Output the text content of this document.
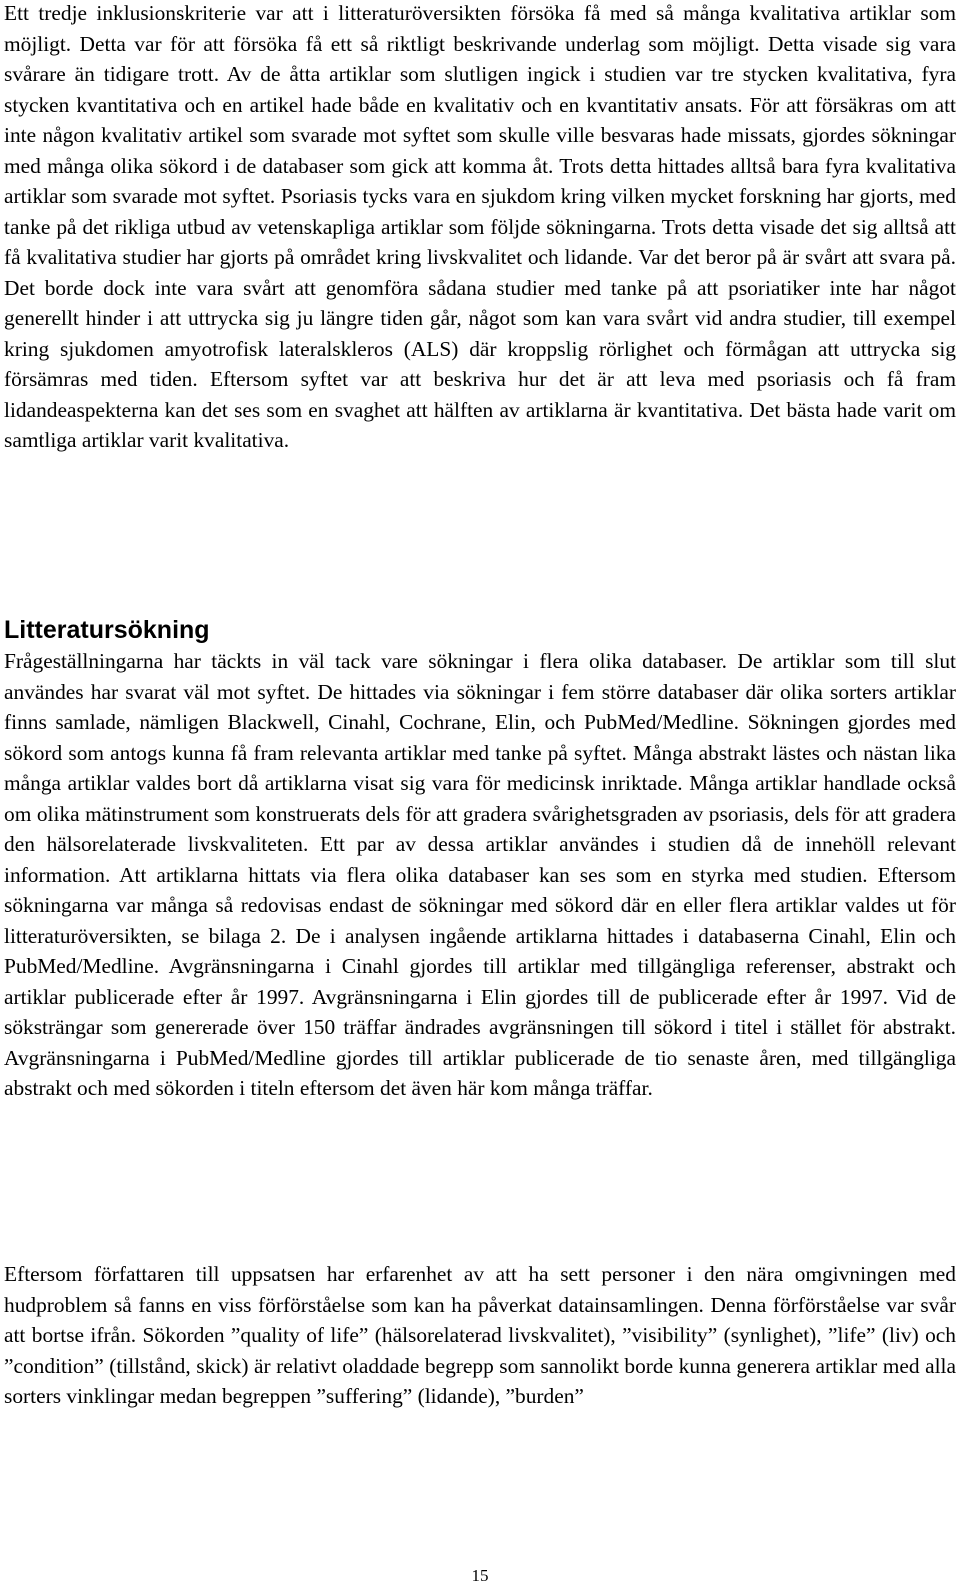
Ett tredje inklusionskriterie var att i litteraturöversikten försöka få med så många kvalitativa artiklar som möjligt. Detta var för att försöka få ett så riktligt beskrivande underlag som möjligt. Detta visade sig vara svårare än tidigare trott. Av de åtta artiklar som slutligen ingick i studien var tre stycken kvalitativa, fyra stycken kvantitativa och en artikel hade både en kvalitativ och en kvantitativ ansats. För att försäkras om att inte någon kvalitativ artikel som svarade mot syftet som skulle ville besvaras hade missats, gjordes sökningar med många olika sökord i de databaser som gick att komma åt. Trots detta hittades alltså bara fyra kvalitativa artiklar som svarade mot syftet. Psoriasis tycks vara en sjukdom kring vilken mycket forskning har gjorts, med tanke på det rikliga utbud av vetenskapliga artiklar som följde sökningarna. Trots detta visade det sig alltså att få kvalitativa studier har gjorts på området kring livskvalitet och lidande. Var det beror på är svårt att svara på. Det borde dock inte vara svårt att genomföra sådana studier med tanke på att psoriatiker inte har något generellt hinder i att uttrycka sig ju längre tiden går, något som kan vara svårt vid andra studier, till exempel kring sjukdomen amyotrofisk lateralskleros (ALS) där kroppslig rörlighet och förmågan att uttrycka sig försämras med tiden. Eftersom syftet var att beskriva hur det är att leva med psoriasis och få fram lidandeaspekterna kan det ses som en svaghet att hälften av artiklarna är kvantitativa. Det bästa hade varit om samtliga artiklar varit kvalitativa.

Litteratursökning

Frågeställningarna har täckts in väl tack vare sökningar i flera olika databaser. De artiklar som till slut användes har svarat väl mot syftet. De hittades via sökningar i fem större databaser där olika sorters artiklar finns samlade, nämligen Blackwell, Cinahl, Cochrane, Elin, och PubMed/Medline. Sökningen gjordes med sökord som antogs kunna få fram relevanta artiklar med tanke på syftet. Många abstrakt lästes och nästan lika många artiklar valdes bort då artiklarna visat sig vara för medicinsk inriktade. Många artiklar handlade också om olika mätinstrument som konstruerats dels för att gradera svårighetsgraden av psoriasis, dels för att gradera den hälsorelaterade livskvaliteten. Ett par av dessa artiklar användes i studien då de innehöll relevant information. Att artiklarna hittats via flera olika databaser kan ses som en styrka med studien. Eftersom sökningarna var många så redovisas endast de sökningar med sökord där en eller flera artiklar valdes ut för litteraturöversikten, se bilaga 2. De i analysen ingående artiklarna hittades i databaserna Cinahl, Elin och PubMed/Medline. Avgränsningarna i Cinahl gjordes till artiklar med tillgängliga referenser, abstrakt och artiklar publicerade efter år 1997. Avgränsningarna i Elin gjordes till de publicerade efter år 1997. Vid de söksträngar som genererade över 150 träffar ändrades avgränsningen till sökord i titel i stället för abstrakt. Avgränsningarna i PubMed/Medline gjordes till artiklar publicerade de tio senaste åren, med tillgängliga abstrakt och med sökorden i titeln eftersom det även här kom många träffar.

Eftersom författaren till uppsatsen har erfarenhet av att ha sett personer i den nära omgivningen med hudproblem så fanns en viss förförståelse som kan ha påverkat datainsamlingen. Denna förförståelse var svår att bortse ifrån. Sökorden ”quality of life” (hälsorelaterad livskvalitet), ”visibility” (synlighet), ”life” (liv) och ”condition” (tillstånd, skick) är relativt oladdade begrepp som sannolikt borde kunna generera artiklar med alla sorters vinklingar medan begreppen ”suffering” (lidande), ”burden”

15
